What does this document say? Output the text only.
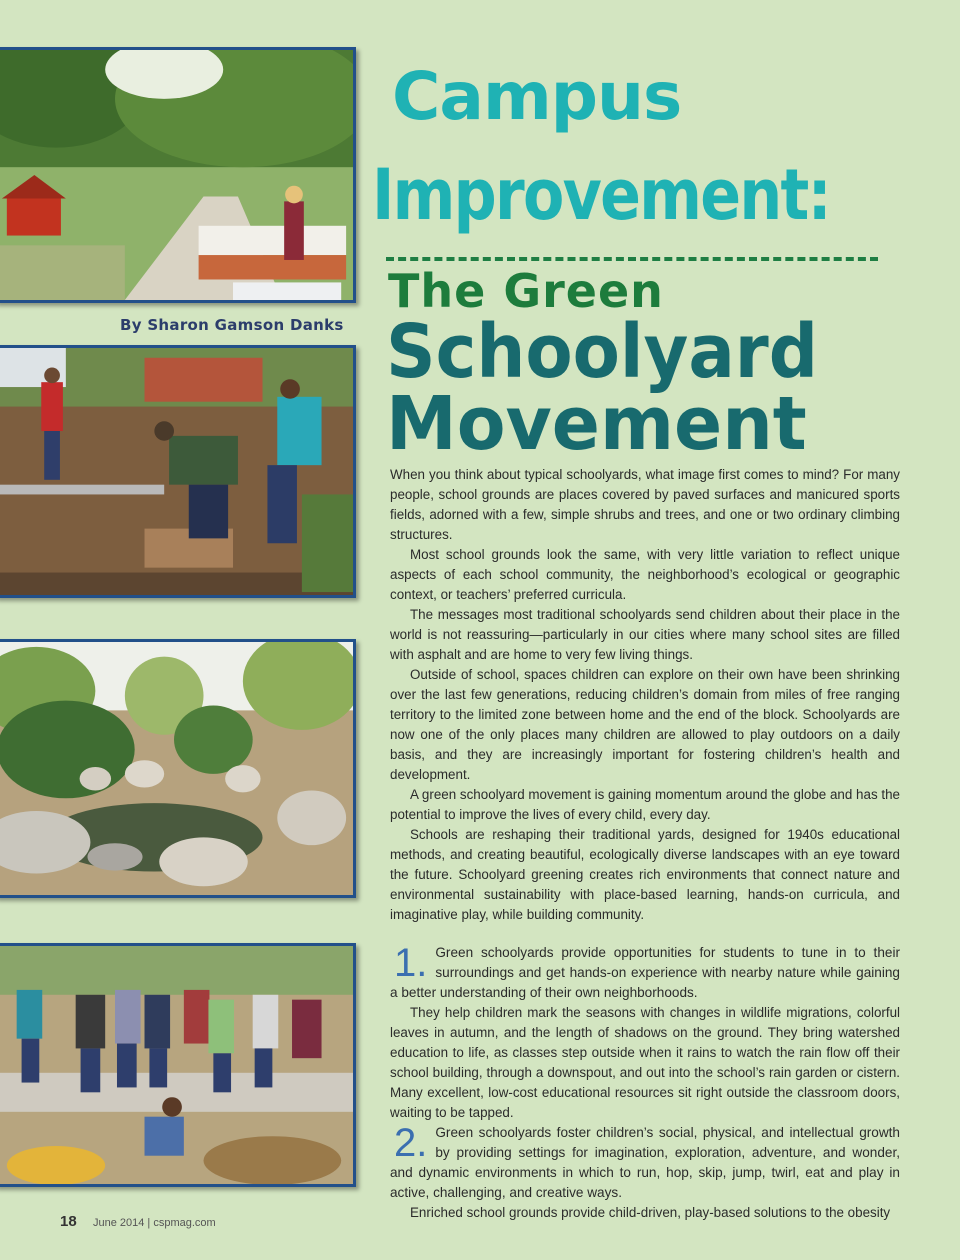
By Sharon Gamson Danks
Campus
Improvement:
The Green
Schoolyard
Movement

When you think about typical schoolyards, what image first comes to mind? For many people, school grounds are places covered by paved surfaces and manicured sports fields, adorned with a few, simple shrubs and trees, and one or two ordinary climbing structures.

Most school grounds look the same, with very little variation to reflect unique aspects of each school community, the neighborhood’s ecological or geographic context, or teachers’ preferred curricula.

The messages most traditional schoolyards send children about their place in the world is not reassuring—particularly in our cities where many school sites are filled with asphalt and are home to very few living things.

Outside of school, spaces children can explore on their own have been shrinking over the last few generations, reducing children’s domain from miles of free ranging territory to the limited zone between home and the end of the block. Schoolyards are now one of the only places many children are allowed to play outdoors on a daily basis, and they are increasingly important for fostering children’s health and development.

A green schoolyard movement is gaining momentum around the globe and has the potential to improve the lives of every child, every day.

Schools are reshaping their traditional yards, designed for 1940s educational methods, and creating beautiful, ecologically diverse landscapes with an eye toward the future. Schoolyard greening creates rich environments that connect nature and environmental sustainability with place-based learning, hands-on curricula, and imaginative play, while building community.

1. Green schoolyards provide opportunities for students to tune in to their surroundings and get hands-on experience with nearby nature while gaining a better understanding of their own neighborhoods.

They help children mark the seasons with changes in wildlife migrations, colorful leaves in autumn, and the length of shadows on the ground. They bring watershed education to life, as classes step outside when it rains to watch the rain flow off their school building, through a downspout, and out into the school’s rain garden or cistern. Many excellent, low-cost educational resources sit right outside the classroom doors, waiting to be tapped.

2. Green schoolyards foster children’s social, physical, and intellectual growth by providing settings for imagination, exploration, adventure, and wonder, and dynamic environments in which to run, hop, skip, jump, twirl, eat and play in active, challenging, and creative ways.

Enriched school grounds provide child-driven, play-based solutions to the obesity

18 June 2014 | cspmag.com
